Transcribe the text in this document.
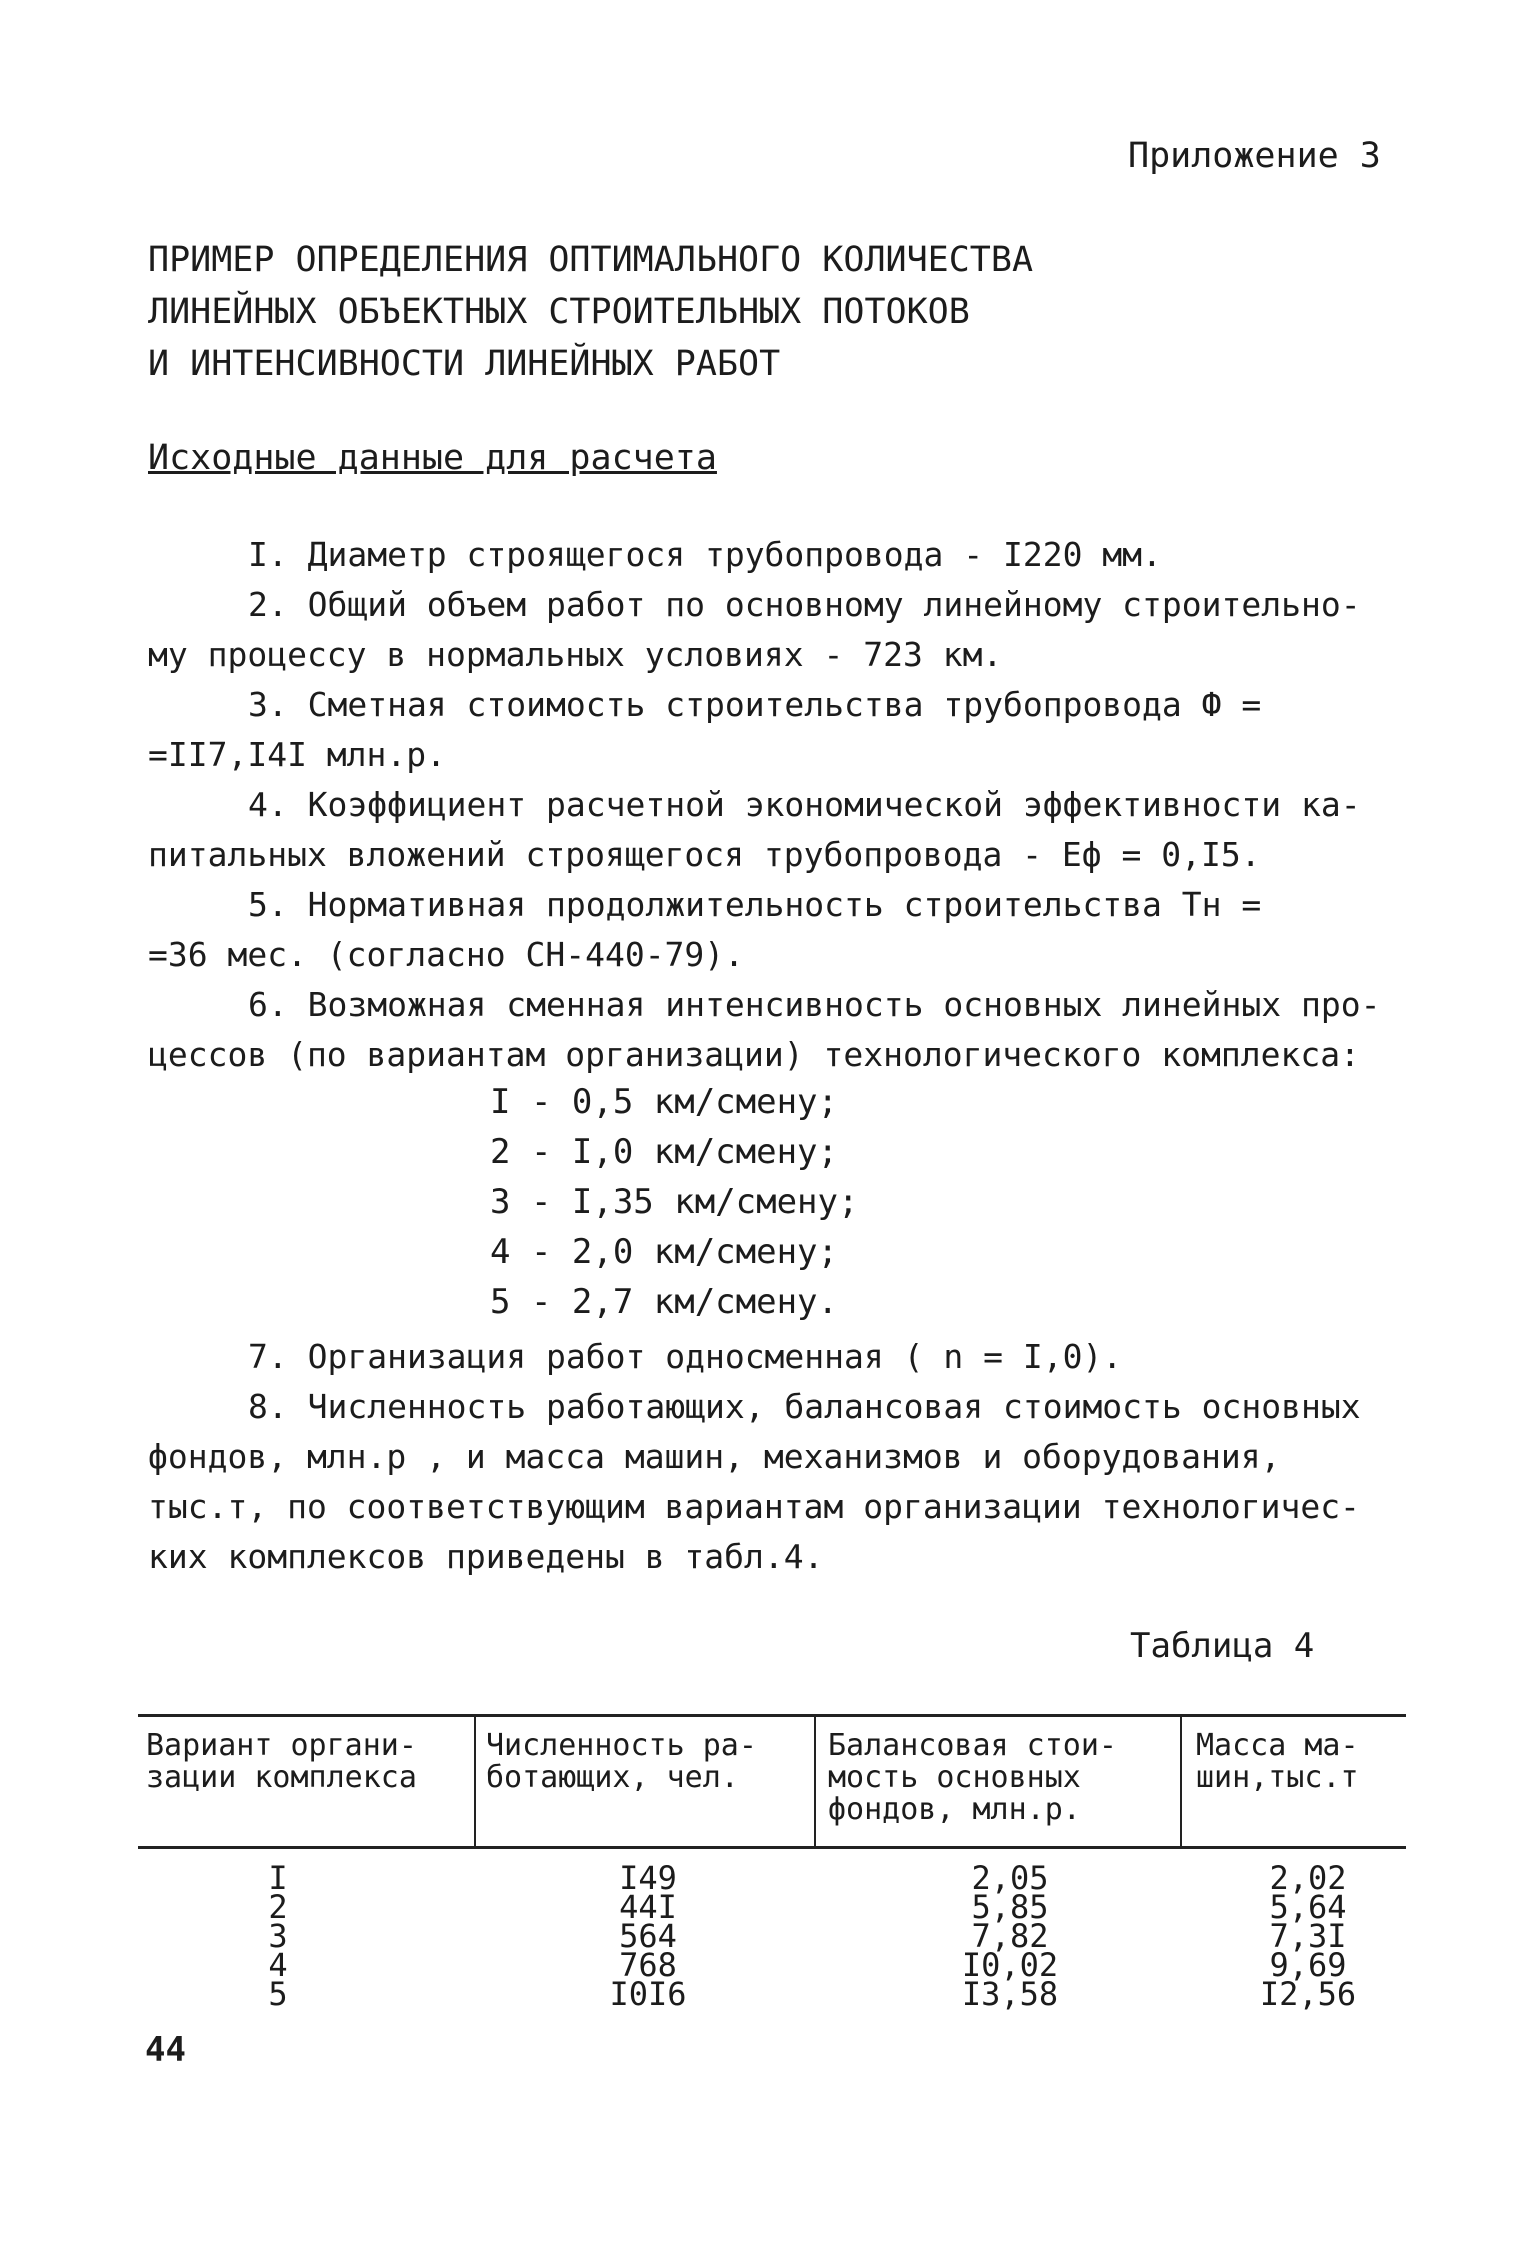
Приложение 3
ПРИМЕР ОПРЕДЕЛЕНИЯ ОПТИМАЛЬНОГО КОЛИЧЕСТВА
ЛИНЕЙНЫХ ОБЪЕКТНЫХ СТРОИТЕЛЬНЫХ ПОТОКОВ
И ИНТЕНСИВНОСТИ ЛИНЕЙНЫХ РАБОТ
Исходные данные для расчета
I. Диаметр строящегося трубопровода - I220 мм.
2. Общий объем работ по основному линейному строительно-
му процессу в нормальных условиях - 723 км.
3. Сметная стоимость строительства трубопровода Ф =
=II7,I4I млн.р.
4. Коэффициент расчетной экономической эффективности ка-
питальных вложений строящегося трубопровода - Еф = 0,I5.
5. Нормативная продолжительность строительства Тн =
=36 мес. (согласно СН-440-79).
6. Возможная сменная интенсивность основных линейных про-
цессов (по вариантам организации) технологического комплекса:
I - 0,5 км/смену;
2 - I,0 км/смену;
3 - I,35 км/смену;
4 - 2,0 км/смену;
5 - 2,7 км/смену.
7. Организация работ односменная ( n = I,0).
8. Численность работающих, балансовая стоимость основных
фондов, млн.р , и масса машин, механизмов и оборудования,
тыс.т, по соответствующим вариантам организации технологичес-
ких комплексов приведены в табл.4.
Таблица 4
Вариант органи-
зации комплекса
Численность ра-
ботающих, чел.
Балансовая стои-
мость основных
фондов, млн.р.
Масса ма-
шин,тыс.т
I
2
3
4
5
I49
44I
564
768
I0I6
2,05
5,85
7,82
I0,02
I3,58
2,02
5,64
7,3I
9,69
I2,56
44
